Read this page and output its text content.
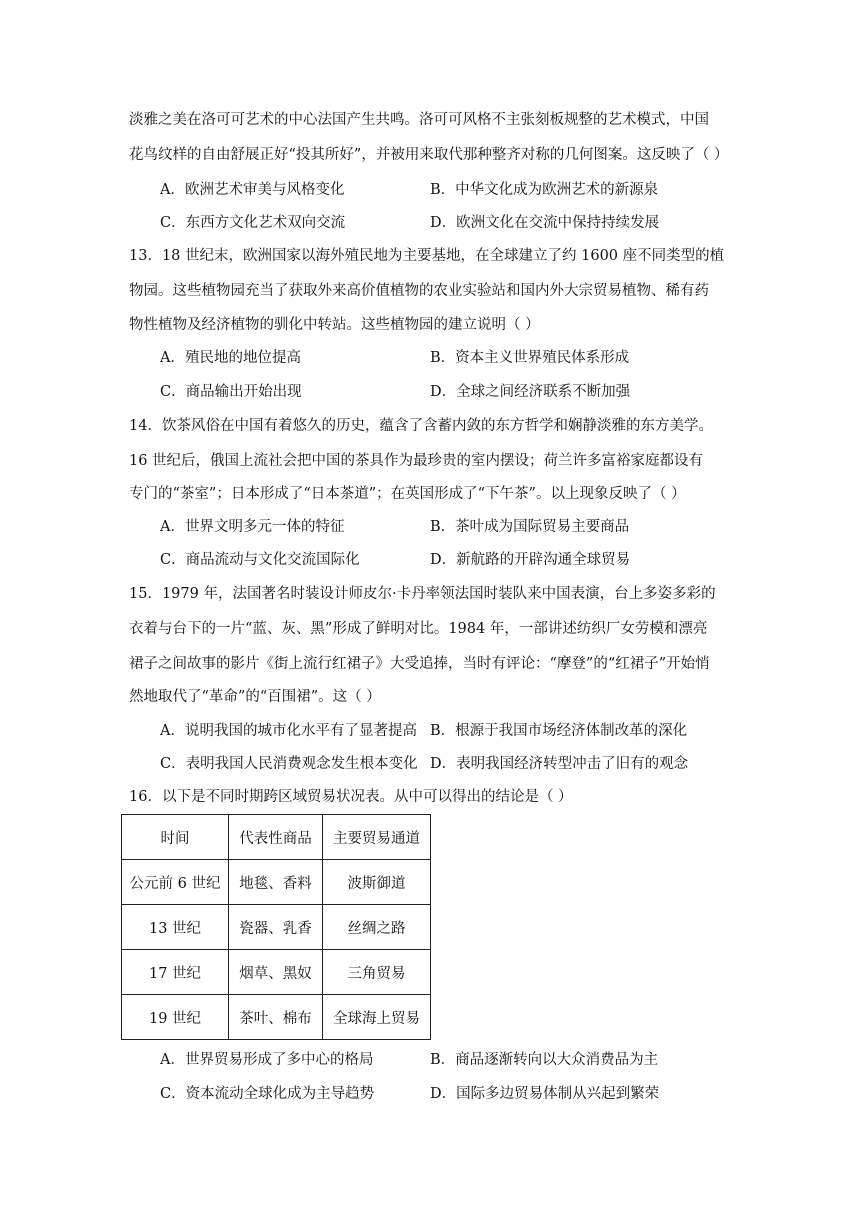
淡雅之美在洛可可艺术的中心法国产生共鸣。洛可可风格不主张刻板规整的艺术模式，中国
花鸟纹样的自由舒展正好“投其所好”，并被用来取代那种整齐对称的几何图案。这反映了（ ）
A．欧洲艺术审美与风格变化	B．中华文化成为欧洲艺术的新源泉
C．东西方文化艺术双向交流	D．欧洲文化在交流中保持持续发展
13．18 世纪末，欧洲国家以海外殖民地为主要基地，在全球建立了约 1600 座不同类型的植
物园。这些植物园充当了获取外来高价值植物的农业实验站和国内外大宗贸易植物、稀有药
物性植物及经济植物的驯化中转站。这些植物园的建立说明（ ）
A．殖民地的地位提高	B．资本主义世界殖民体系形成
C．商品输出开始出现	D．全球之间经济联系不断加强
14．饮茶风俗在中国有着悠久的历史，蕴含了含蓄内敛的东方哲学和娴静淡雅的东方美学。
16 世纪后，俄国上流社会把中国的茶具作为最珍贵的室内摆设；荷兰许多富裕家庭都设有
专门的“茶室”；日本形成了“日本茶道”；在英国形成了“下午茶”。以上现象反映了（ ）
A．世界文明多元一体的特征	B．茶叶成为国际贸易主要商品
C．商品流动与文化交流国际化	D．新航路的开辟沟通全球贸易
15．1979 年，法国著名时装设计师皮尔·卡丹率领法国时装队来中国表演，台上多姿多彩的
衣着与台下的一片“蓝、灰、黑”形成了鲜明对比。1984 年，一部讲述纺织厂女劳模和漂亮
裙子之间故事的影片《街上流行红裙子》大受追捧，当时有评论：“摩登”的“红裙子”开始悄
然地取代了“革命”的“百围裙”。这（ ）
A．说明我国的城市化水平有了显著提高 B．根源于我国市场经济体制改革的深化
C．表明我国人民消费观念发生根本变化 D．表明我国经济转型冲击了旧有的观念
16．以下是不同时期跨区域贸易状况表。从中可以得出的结论是（ ）
时间	代表性商品	主要贸易通道
公元前 6 世纪	地毯、香料	波斯御道
13 世纪	瓷器、乳香	丝绸之路
17 世纪	烟草、黑奴	三角贸易
19 世纪	茶叶、棉布	全球海上贸易
A．世界贸易形成了多中心的格局	B．商品逐渐转向以大众消费品为主
C．资本流动全球化成为主导趋势	D．国际多边贸易体制从兴起到繁荣
